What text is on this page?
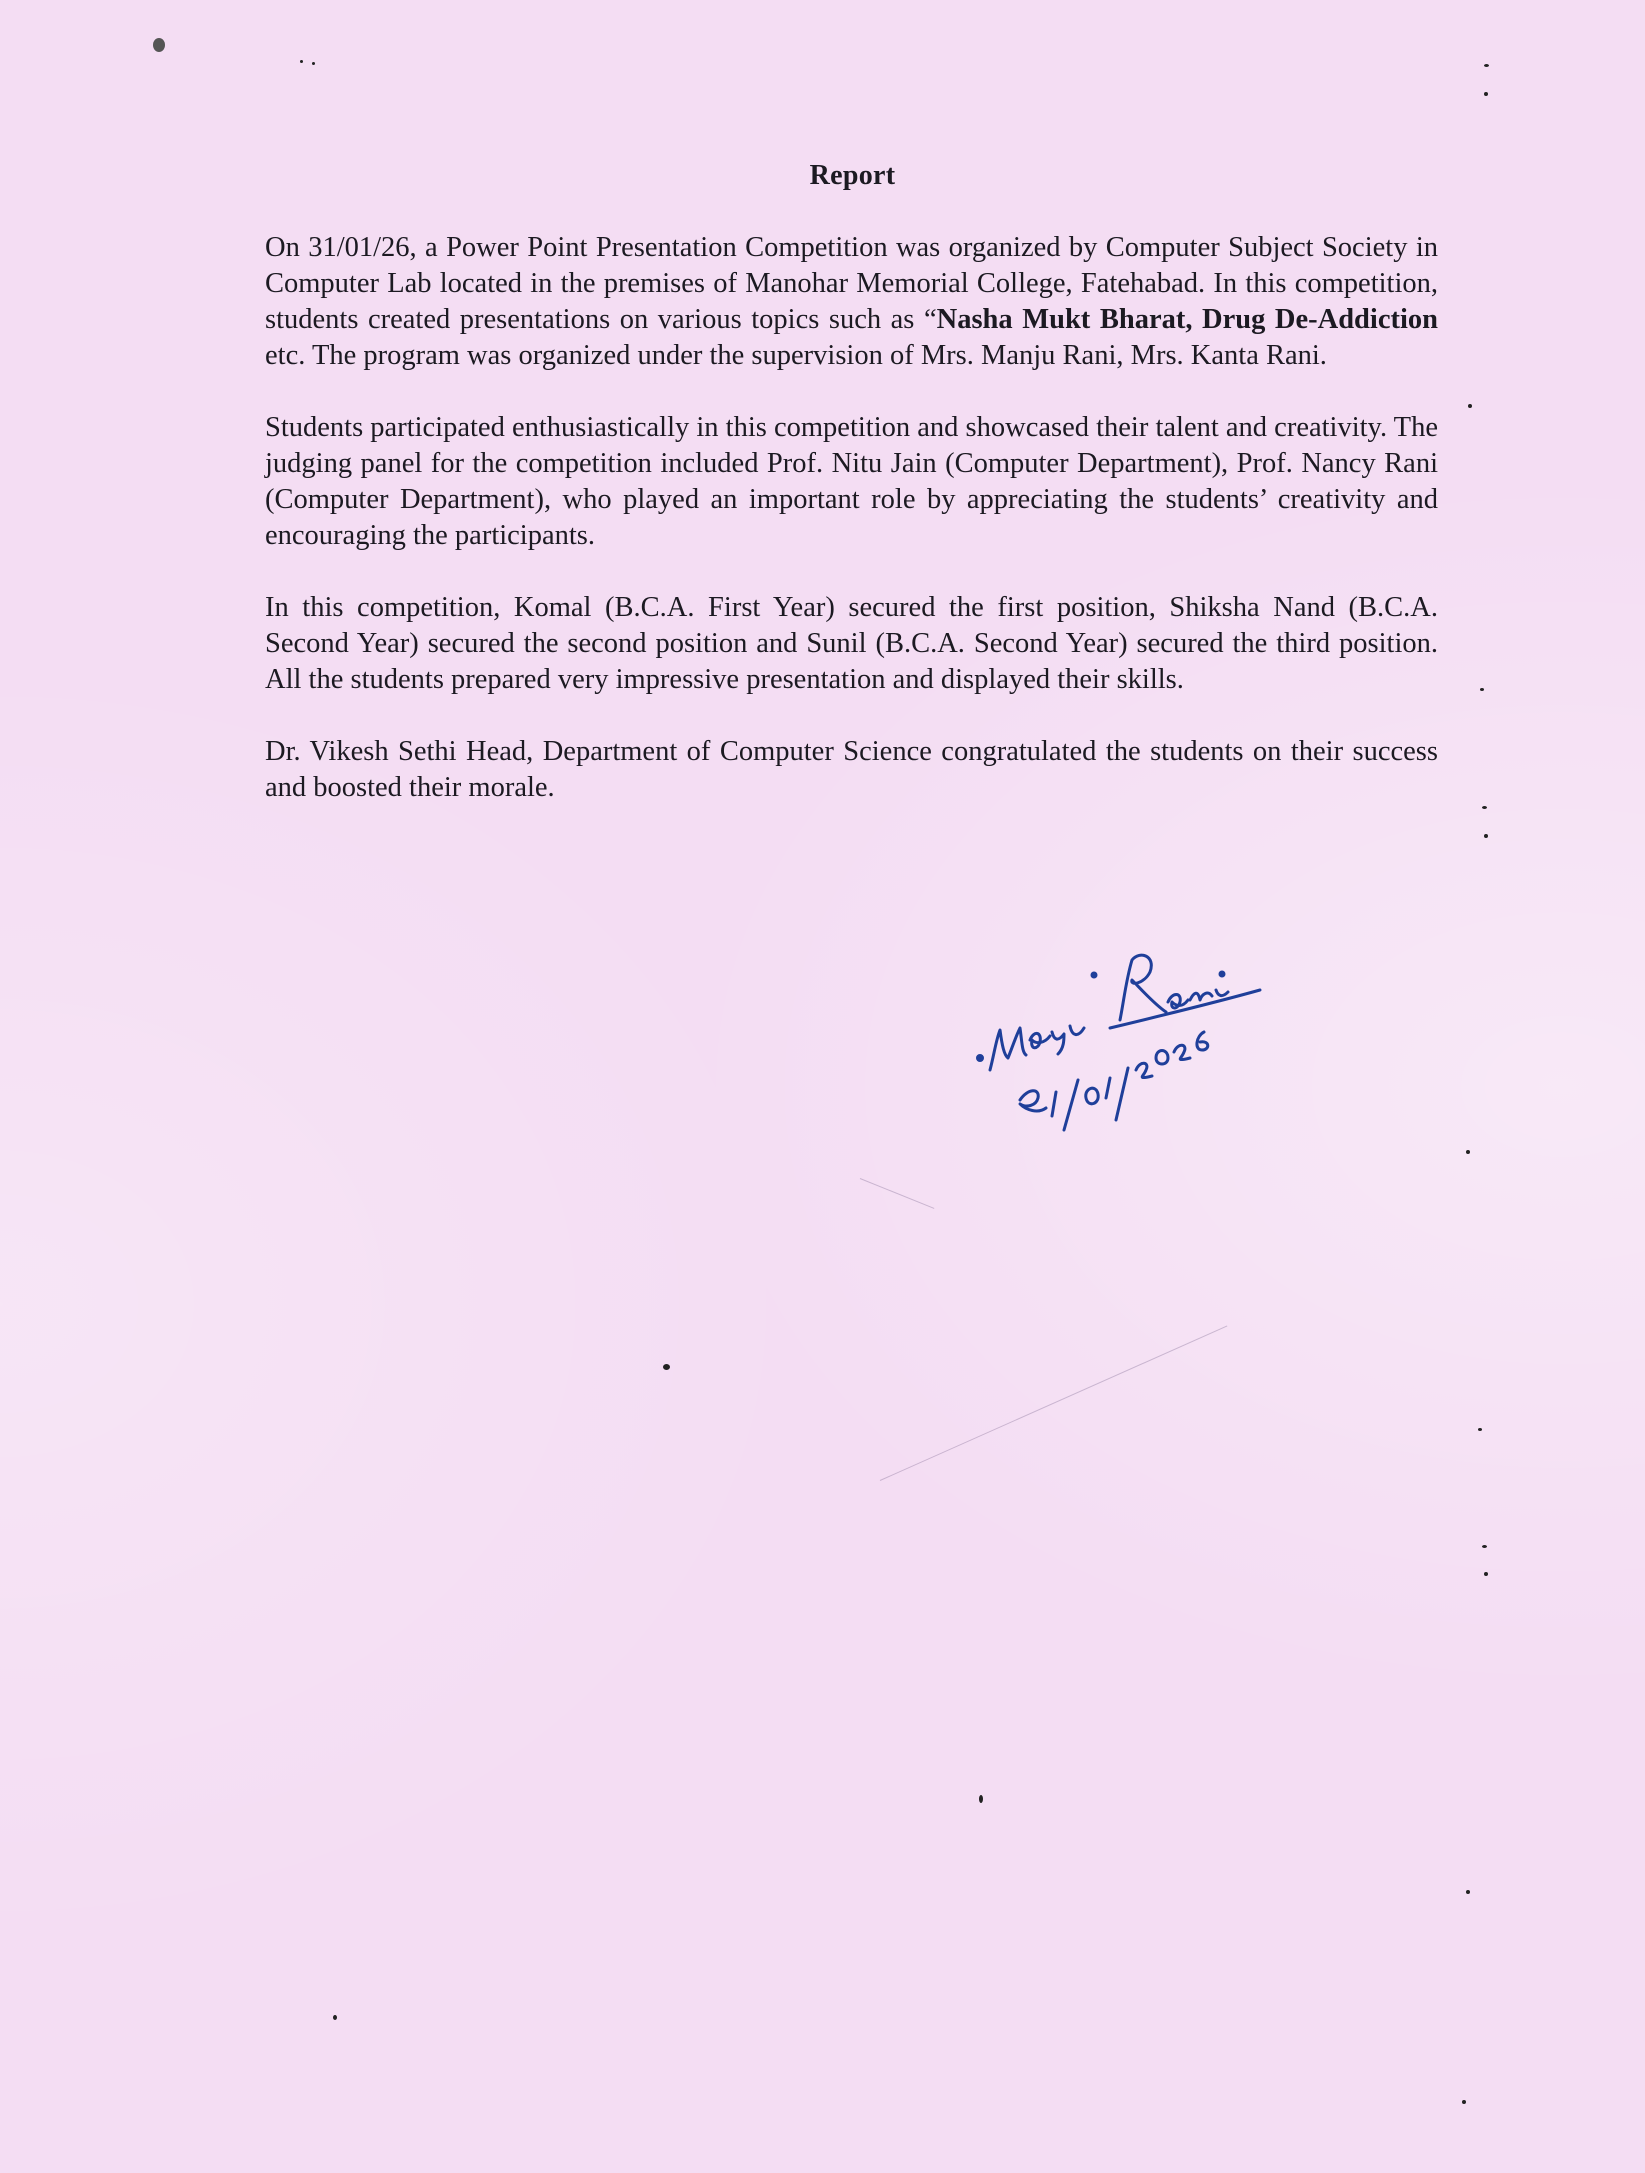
Report

On 31/01/26, a Power Point Presentation Competition was organized by Computer Subject Society in Computer Lab located in the premises of Manohar Memorial College, Fatehabad. In this competition, students created presentations on various topics such as “Nasha Mukt Bharat, Drug De-Addiction etc. The program was organized under the supervision of Mrs. Manju Rani, Mrs. Kanta Rani.

Students participated enthusiastically in this competition and showcased their talent and creativity. The judging panel for the competition included Prof. Nitu Jain (Computer Department), Prof. Nancy Rani (Computer Department), who played an important role by appreciating the students’ creativity and encouraging the participants.

In this competition, Komal (B.C.A. First Year) secured the first position, Shiksha Nand (B.C.A. Second Year) secured the second position and Sunil (B.C.A. Second Year) secured the third position. All the students prepared very impressive presentation and displayed their skills.

Dr. Vikesh Sethi Head, Department of Computer Science congratulated the students on their success and boosted their morale.
